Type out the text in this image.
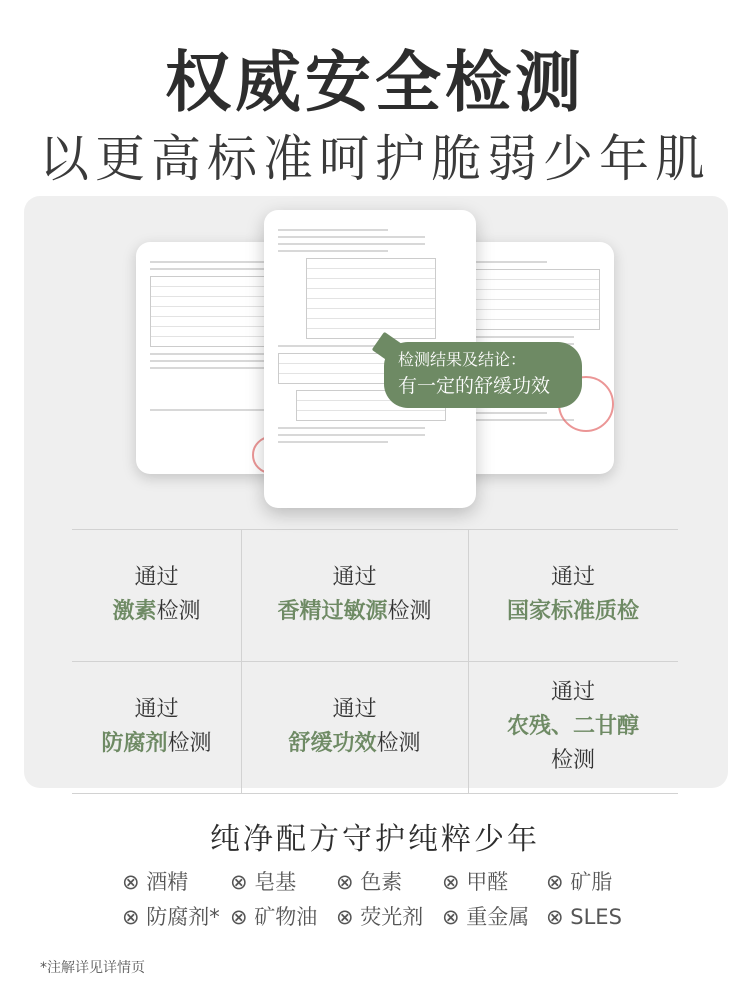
权威安全检测
以更高标准呵护脆弱少年肌
检测结果及结论：
有一定的舒缓功效
通过
激素检测
通过
香精过敏源检测
通过
国家标准质检
通过
防腐剂检测
通过
舒缓功效检测
通过
农残、二甘醇
检测
纯净配方守护纯粹少年
⊗ 酒精 ⊗ 皂基 ⊗ 色素 ⊗ 甲醛 ⊗ 矿脂
⊗ 防腐剂* ⊗ 矿物油 ⊗ 荧光剂 ⊗ 重金属 ⊗ SLES
*注解详见详情页
